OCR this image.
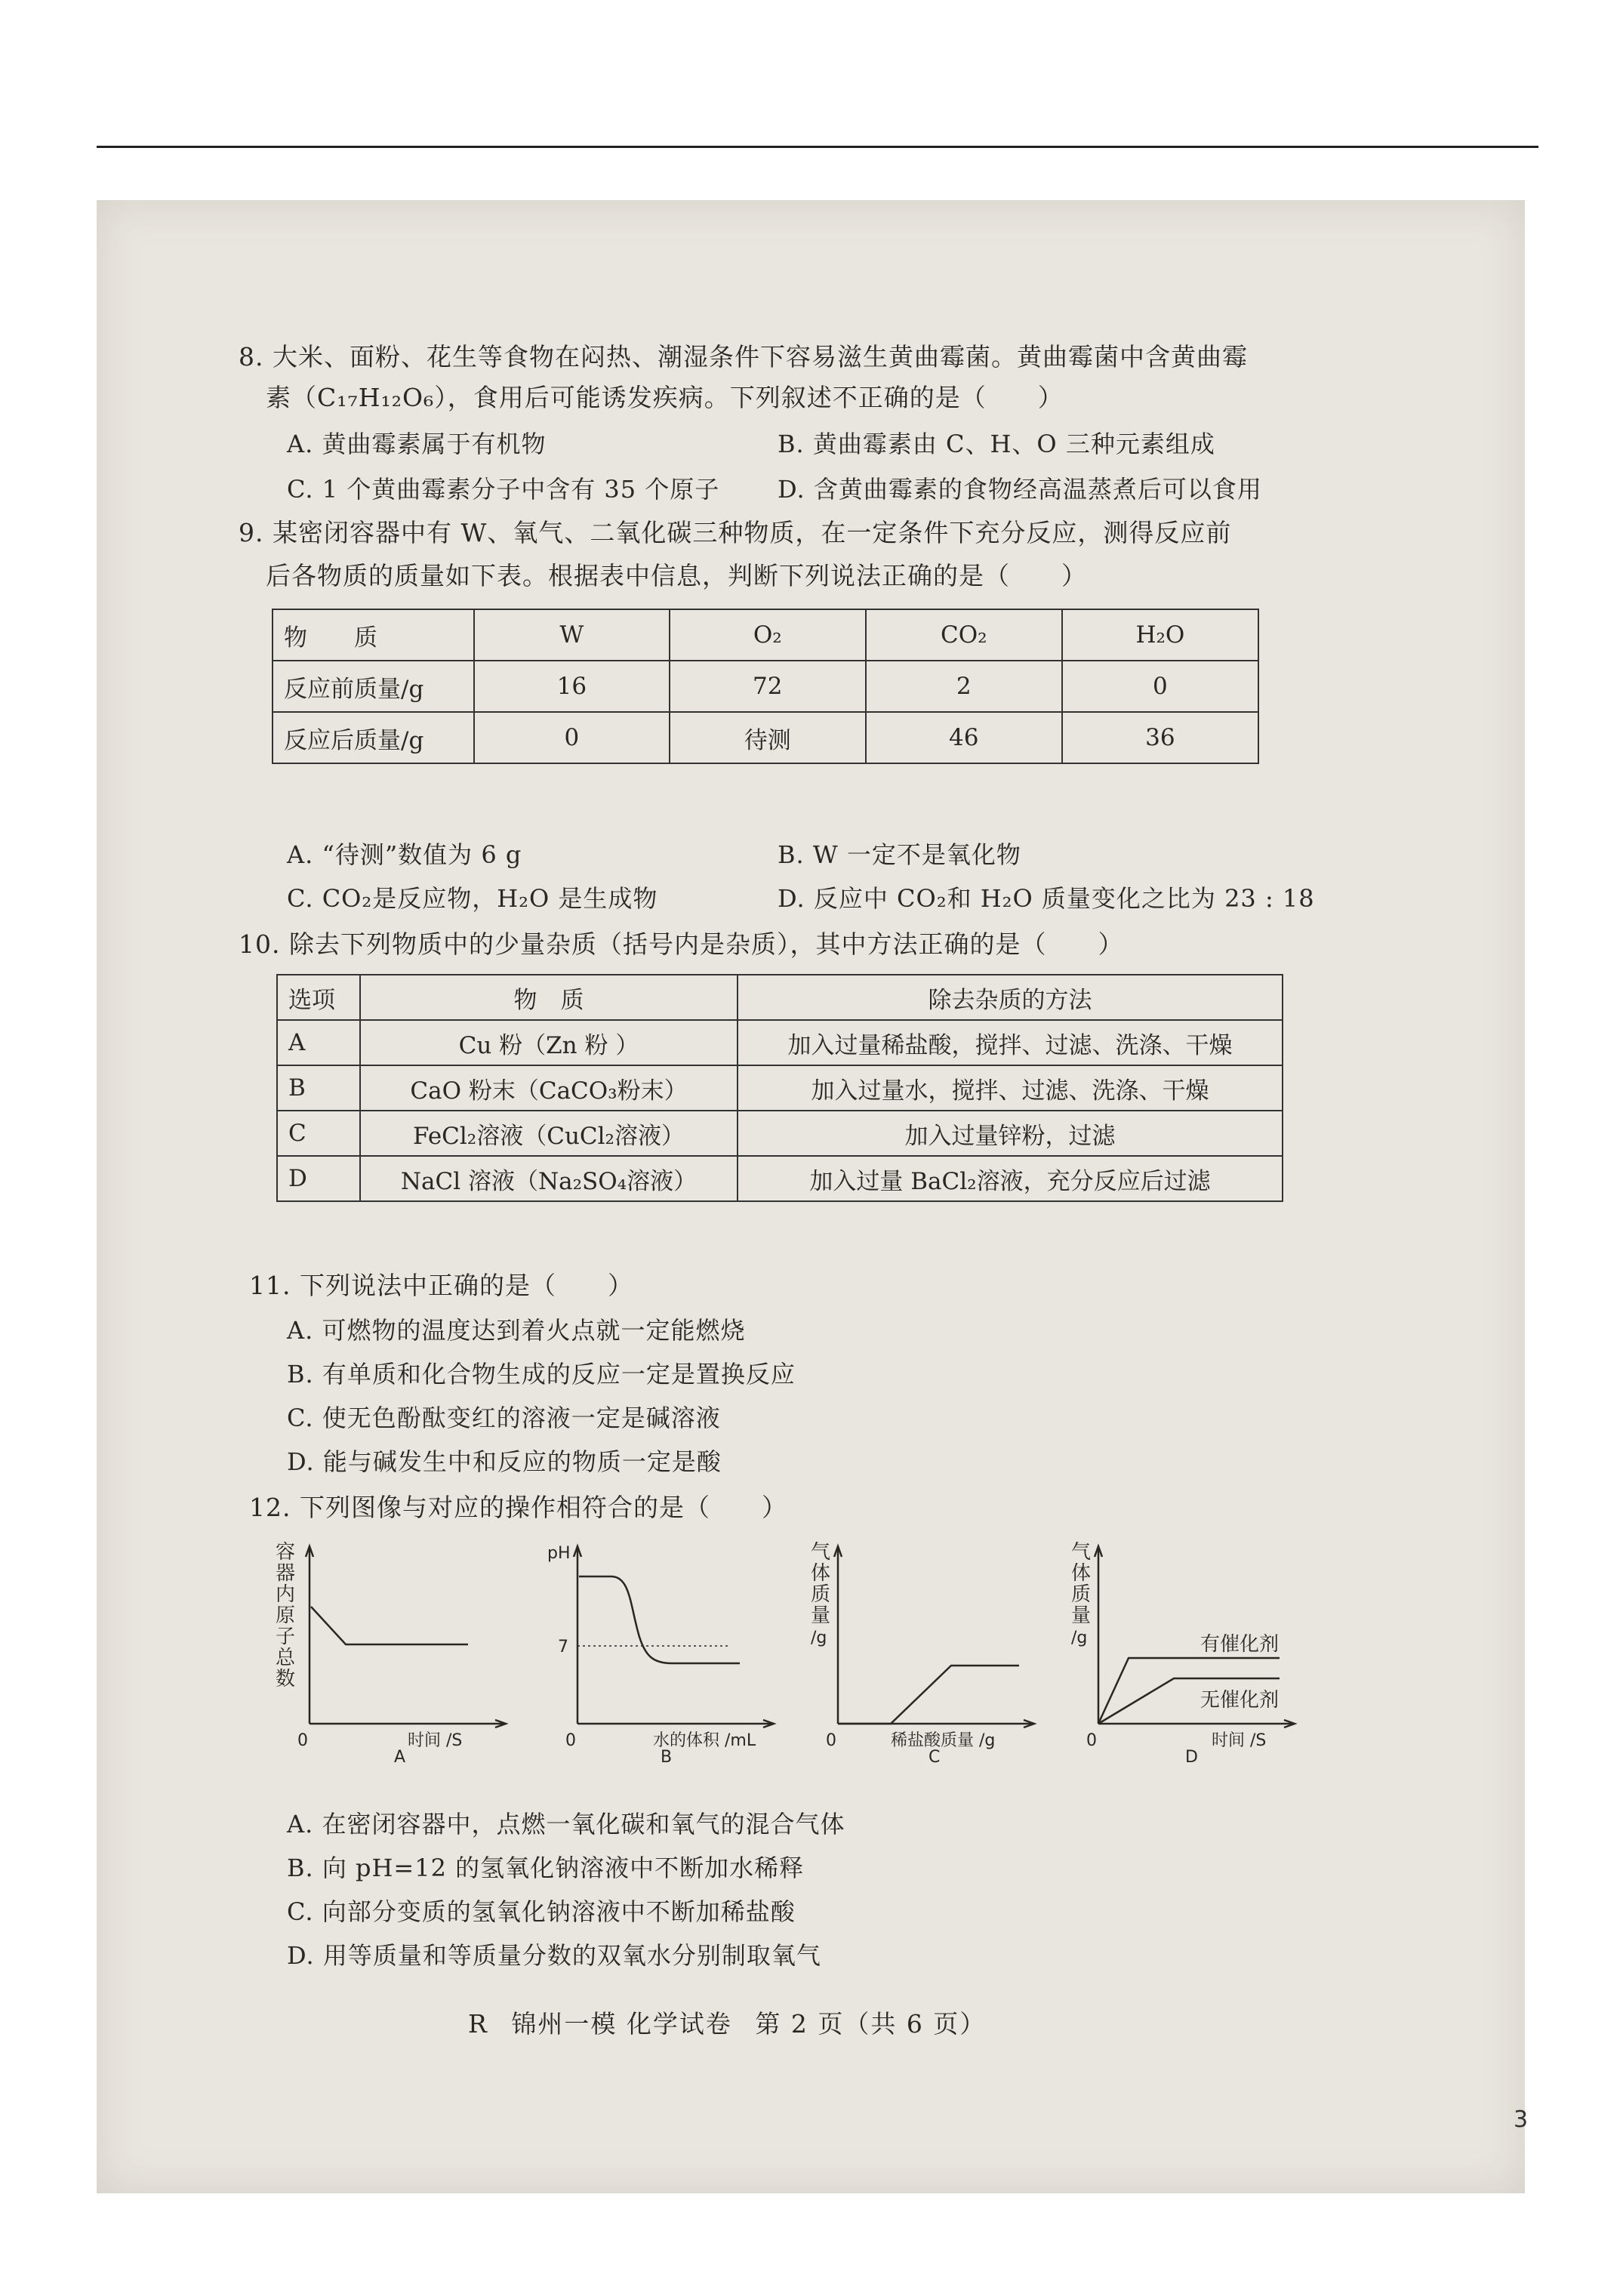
8. 大米、面粉、花生等食物在闷热、潮湿条件下容易滋生黄曲霉菌。黄曲霉菌中含黄曲霉
素（C₁₇H₁₂O₆），食用后可能诱发疾病。下列叙述不正确的是（　　）
A. 黄曲霉素属于有机物	B. 黄曲霉素由 C、H、O 三种元素组成
C. 1 个黄曲霉素分子中含有 35 个原子 D. 含黄曲霉素的食物经高温蒸煮后可以食用
9. 某密闭容器中有 W、氧气、二氧化碳三种物质，在一定条件下充分反应，测得反应前
后各物质的质量如下表。根据表中信息，判断下列说法正确的是（　　）
物　　质	W	O₂	CO₂	H₂O
反应前质量/g	16	72	2	0
反应后质量/g	0	待测	46	36
A. “待测”数值为 6 g	B. W 一定不是氧化物
C. CO₂是反应物，H₂O 是生成物	D. 反应中 CO₂和 H₂O 质量变化之比为 23 : 18
10. 除去下列物质中的少量杂质（括号内是杂质），其中方法正确的是（　　）
选项	物　质	除去杂质的方法
A	Cu 粉（Zn 粉 ）	加入过量稀盐酸，搅拌、过滤、洗涤、干燥
B	CaO 粉末（CaCO₃粉末）	加入过量水，搅拌、过滤、洗涤、干燥
C	FeCl₂溶液（CuCl₂溶液）	加入过量锌粉，过滤
D	NaCl 溶液（Na₂SO₄溶液）	加入过量 BaCl₂溶液，充分反应后过滤
11. 下列说法中正确的是（　　）
A. 可燃物的温度达到着火点就一定能燃烧
B. 有单质和化合物生成的反应一定是置换反应
C. 使无色酚酞变红的溶液一定是碱溶液
D. 能与碱发生中和反应的物质一定是酸
12. 下列图像与对应的操作相符合的是（　　）
容
器
内
原
子
总
数
0	时间 /S
A
pH
7
0	水的体积 /mL
B
气
体
质
量
/g
0	稀盐酸质量 /g
C
气
体
质
量
/g	有催化剂
无催化剂
0	时间 /S
D
A. 在密闭容器中，点燃一氧化碳和氧气的混合气体
B. 向 pH=12 的氢氧化钠溶液中不断加水稀释
C. 向部分变质的氢氧化钠溶液中不断加稀盐酸
D. 用等质量和等质量分数的双氧水分别制取氧气
R 锦州一模 化学试卷 第 2 页（共 6 页）
3
